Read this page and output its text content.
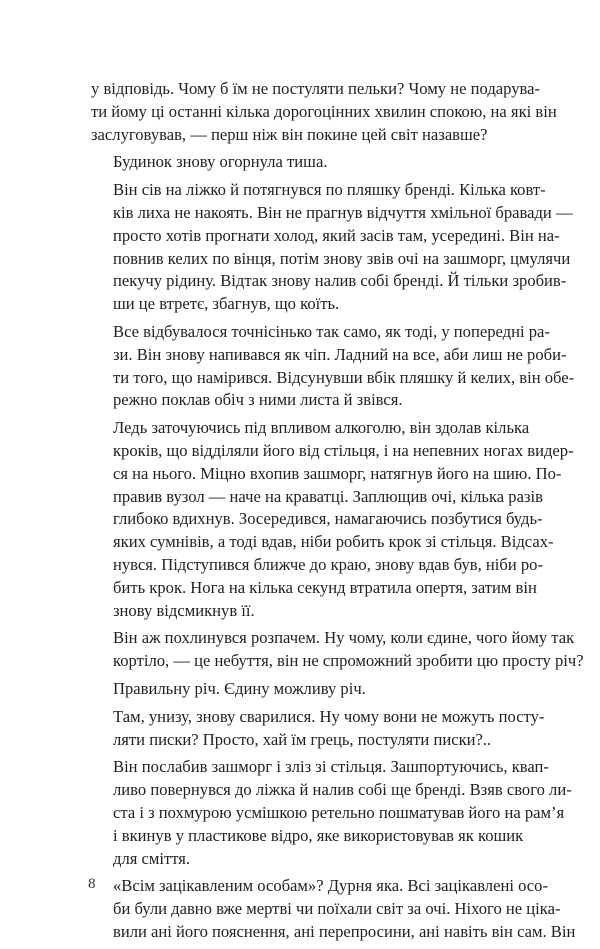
у відповідь. Чому б їм не постуляти пельки? Чому не подарува-
ти йому ці останні кілька дорогоцінних хвилин спокою, на які він
заслуговував, — перш ніж він покине цей світ назавше?

Будинок знову огорнула тиша.

Він сів на ліжко й потягнувся по пляшку бренді. Кілька ковт-
ків лиха не накоять. Він не прагнув відчуття хмільної бравади —
просто хотів прогнати холод, який засів там, усередині. Він на-
повнив келих по вінця, потім знову звів очі на зашморг, цмулячи
пекучу рідину. Відтак знову налив собі бренді. Й тільки зробив-
ши це втретє, збагнув, що коїть.

Все відбувалося точнісінько так само, як тоді, у попередні ра-
зи. Він знову напивався як чіп. Ладний на все, аби лиш не роби-
ти того, що намірився. Відсунувши вбік пляшку й келих, він обе-
режно поклав обіч з ними листа й звівся.

Ледь заточуючись під впливом алкоголю, він здолав кілька
кроків, що відділяли його від стільця, і на непевних ногах видер-
ся на нього. Міцно вхопив зашморг, натягнув його на шию. По-
правив вузол — наче на краватці. Заплющив очі, кілька разів
глибоко вдихнув. Зосередився, намагаючись позбутися будь-
яких сумнівів, а тоді вдав, ніби робить крок зі стільця. Відсах-
нувся. Підступився ближче до краю, знову вдав був, ніби ро-
бить крок. Нога на кілька секунд втратила опертя, затим він
знову відсмикнув її.

Він аж похлинувся розпачем. Ну чому, коли єдине, чого йому так
кортіло, — це небуття, він не спроможний зробити цю просту річ?

Правильну річ. Єдину можливу річ.

Там, унизу, знову сварилися. Ну чому вони не можуть посту-
ляти писки? Просто, хай їм грець, постуляти писки?..

Він послабив зашморг і зліз зі стільця. Зашпортуючись, квап-
ливо повернувся до ліжка й налив собі ще бренді. Взяв свого ли-
ста і з похмурою усмішкою ретельно пошматував його на рам’я
і вкинув у пластикове відро, яке використовував як кошик
для сміття.

«Всім зацікавленим особам»? Дурня яка. Всі зацікавлені осо-
би були давно вже мертві чи поїхали світ за очі. Ніхого не ціка-
вили ані його пояснення, ані перепросини, ані навіть він сам. Він

8
